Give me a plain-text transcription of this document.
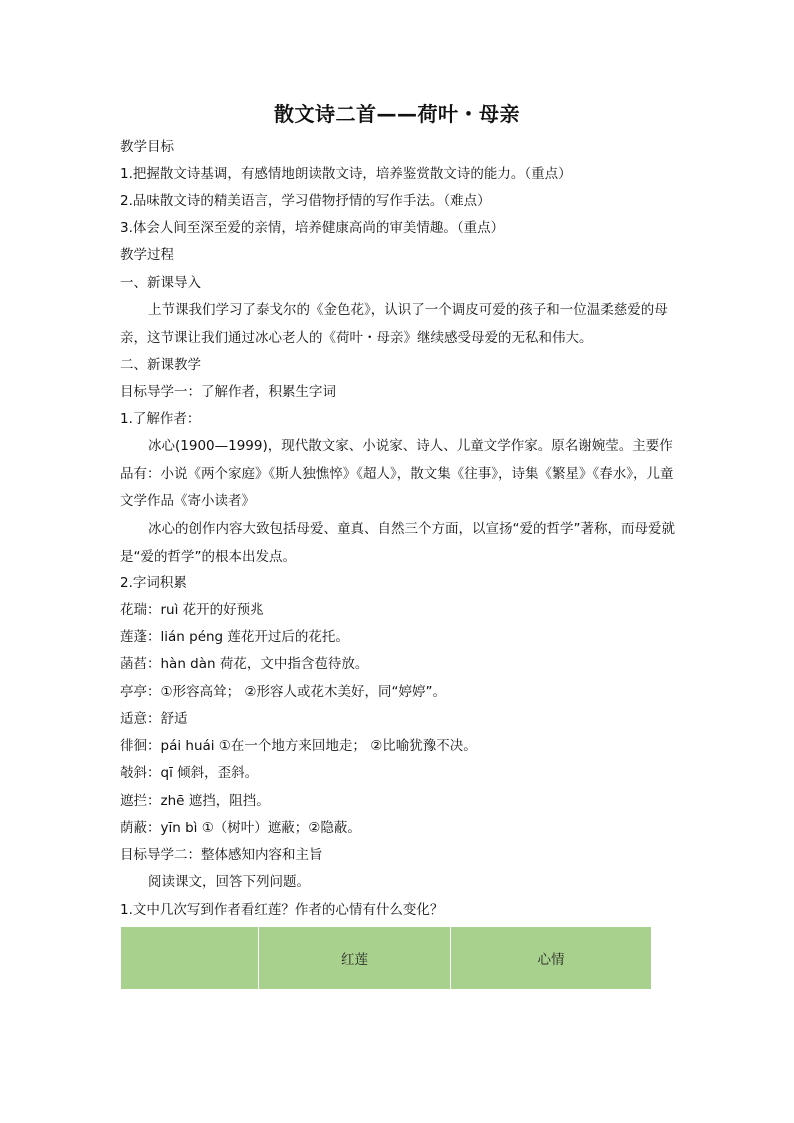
散文诗二首——荷叶・母亲
教学目标
1.把握散文诗基调，有感情地朗读散文诗，培养鉴赏散文诗的能力。（重点）
2.品味散文诗的精美语言，学习借物抒情的写作手法。（难点）
3.体会人间至深至爱的亲情，培养健康高尚的审美情趣。（重点）
教学过程
一、新课导入
上节课我们学习了泰戈尔的《金色花》，认识了一个调皮可爱的孩子和一位温柔慈爱的母亲，这节课让我们通过冰心老人的《荷叶・母亲》继续感受母爱的无私和伟大。
二、新课教学
目标导学一：了解作者，积累生字词
1.了解作者：
冰心(1900—1999)，现代散文家、小说家、诗人、儿童文学作家。原名谢婉莹。主要作品有：小说《两个家庭》《斯人独憔悴》《超人》，散文集《往事》，诗集《繁星》《春水》，儿童文学作品《寄小读者》
冰心的创作内容大致包括母爱、童真、自然三个方面，以宣扬“爱的哲学”著称，而母爱就是“爱的哲学”的根本出发点。
2.字词积累
花瑞：ruì 花开的好预兆
莲蓬：lián péng 莲花开过后的花托。
菡萏：hàn dàn 荷花，文中指含苞待放。
亭亭：①形容高耸； ②形容人或花木美好，同“婷婷”。
适意：舒适
徘徊：pái huái ①在一个地方来回地走； ②比喻犹豫不决。
攲斜：qī 倾斜，歪斜。
遮拦：zhē 遮挡，阻挡。
荫蔽：yīn bì ①（树叶）遮蔽；②隐蔽。
目标导学二：整体感知内容和主旨
阅读课文，回答下列问题。
1.文中几次写到作者看红莲？作者的心情有什么变化？
	红莲	心情
